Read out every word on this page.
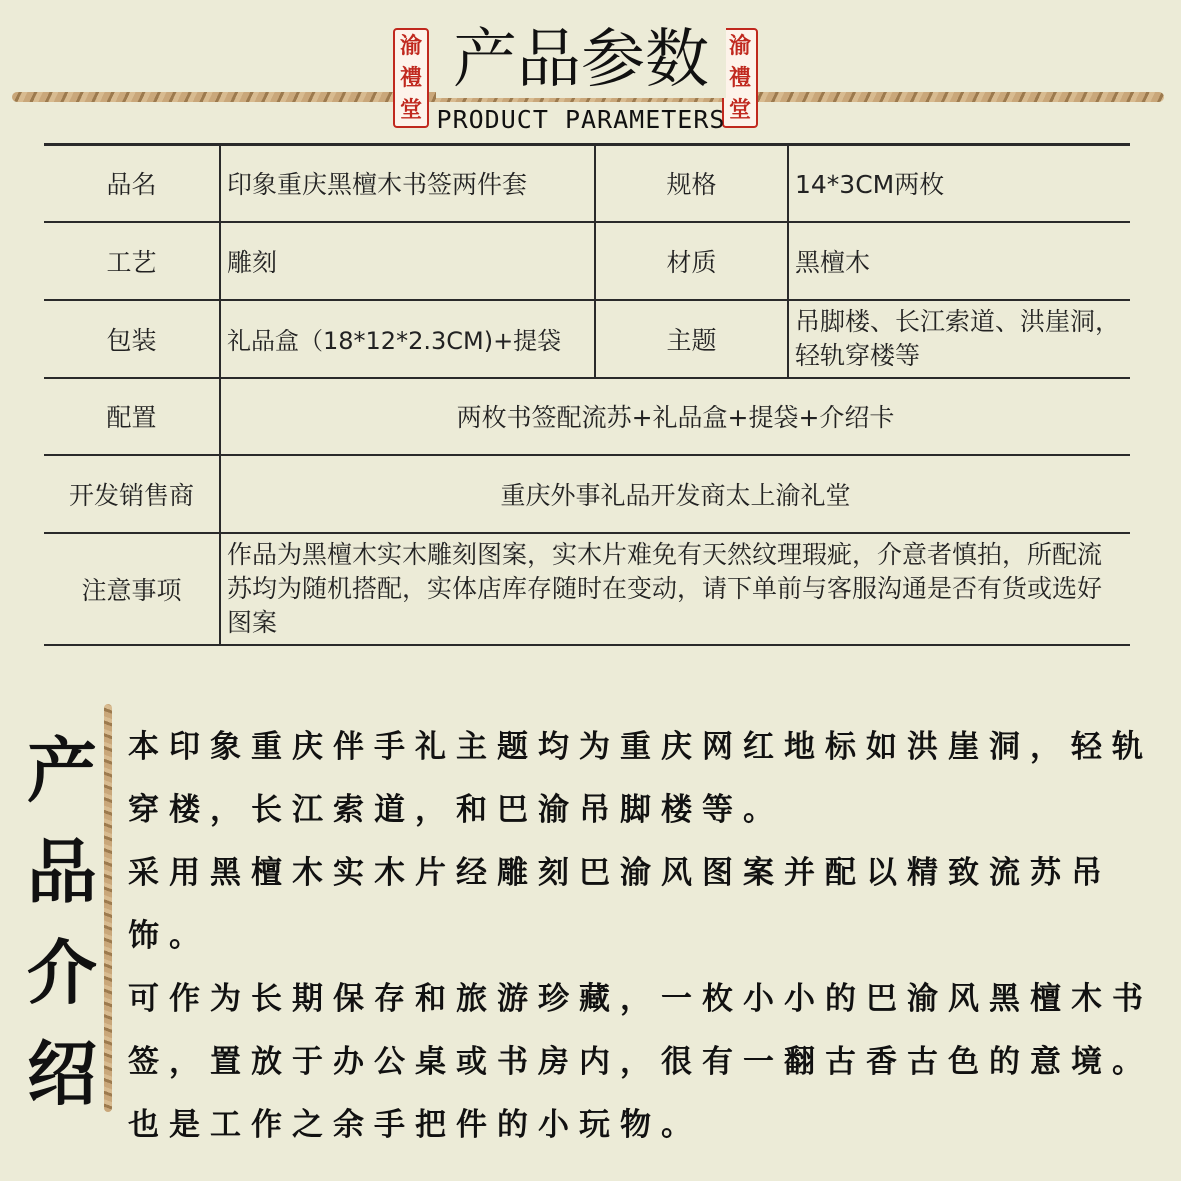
渝
禮
堂
渝
禮
堂
产品参数
PRODUCT PARAMETERS
品名	印象重庆黑檀木书签两件套	规格	14*3CM两枚
工艺	雕刻	材质	黑檀木
包装	礼品盒（18*12*2.3CM)+提袋	主题	吊脚楼、长江索道、洪崖洞，轻轨穿楼等
配置	两枚书签配流苏+礼品盒+提袋+介绍卡		
开发销售商	重庆外事礼品开发商太上渝礼堂		
注意事项	作品为黑檀木实木雕刻图案，实木片难免有天然纹理瑕疵，介意者慎拍，所配流苏均为随机搭配，实体店库存随时在变动，请下单前与客服沟通是否有货或选好图案		
产
品
介
绍

本印象重庆伴手礼主题均为重庆网红地标如洪崖洞，轻轨穿楼，长江索道，和巴渝吊脚楼等。

采用黑檀木实木片经雕刻巴渝风图案并配以精致流苏吊饰。

可作为长期保存和旅游珍藏，一枚小小的巴渝风黑檀木书签，置放于办公桌或书房内，很有一翻古香古色的意境。

也是工作之余手把件的小玩物。
